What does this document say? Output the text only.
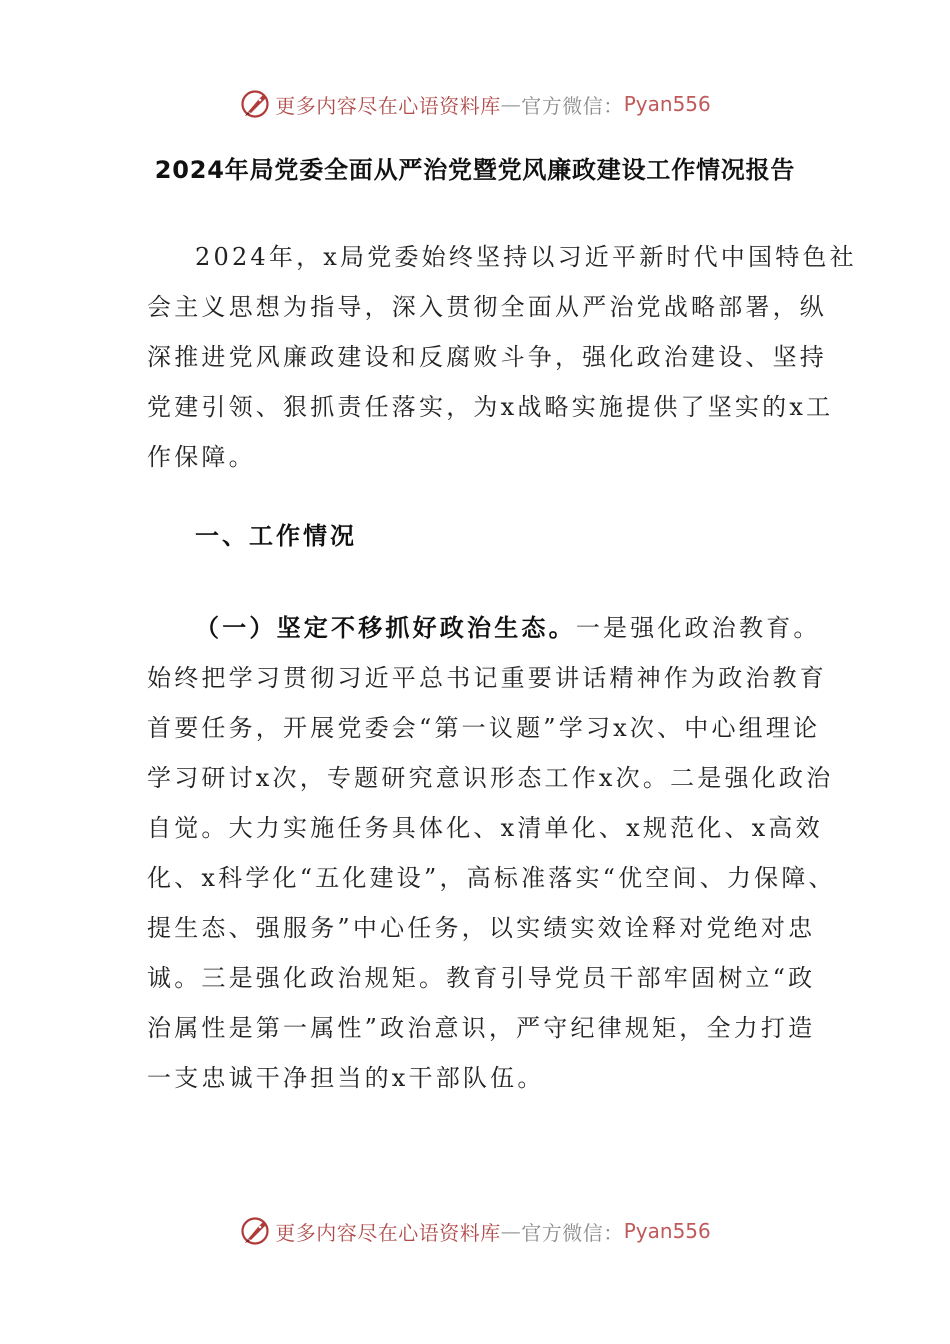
更多内容尽在心语资料库 — 官方微信： Pyan556
2024年局党委全面从严治党暨党风廉政建设工作情况报告
2024年，x局党委始终坚持以习近平新时代中国特色社
会主义思想为指导，深入贯彻全面从严治党战略部署，纵
深推进党风廉政建设和反腐败斗争，强化政治建设、坚持
党建引领、狠抓责任落实，为x战略实施提供了坚实的x工
作保障。
一、工作情况
（一）坚定不移抓好政治生态。一是强化政治教育。
始终把学习贯彻习近平总书记重要讲话精神作为政治教育
首要任务，开展党委会“第一议题”学习x次、中心组理论
学习研讨x次，专题研究意识形态工作x次。二是强化政治
自觉。大力实施任务具体化、x清单化、x规范化、x高效
化、x科学化“五化建设”，高标准落实“优空间、力保障、
提生态、强服务”中心任务，以实绩实效诠释对党绝对忠
诚。三是强化政治规矩。教育引导党员干部牢固树立“政
治属性是第一属性”政治意识，严守纪律规矩，全力打造
一支忠诚干净担当的x干部队伍。
更多内容尽在心语资料库 — 官方微信： Pyan556
